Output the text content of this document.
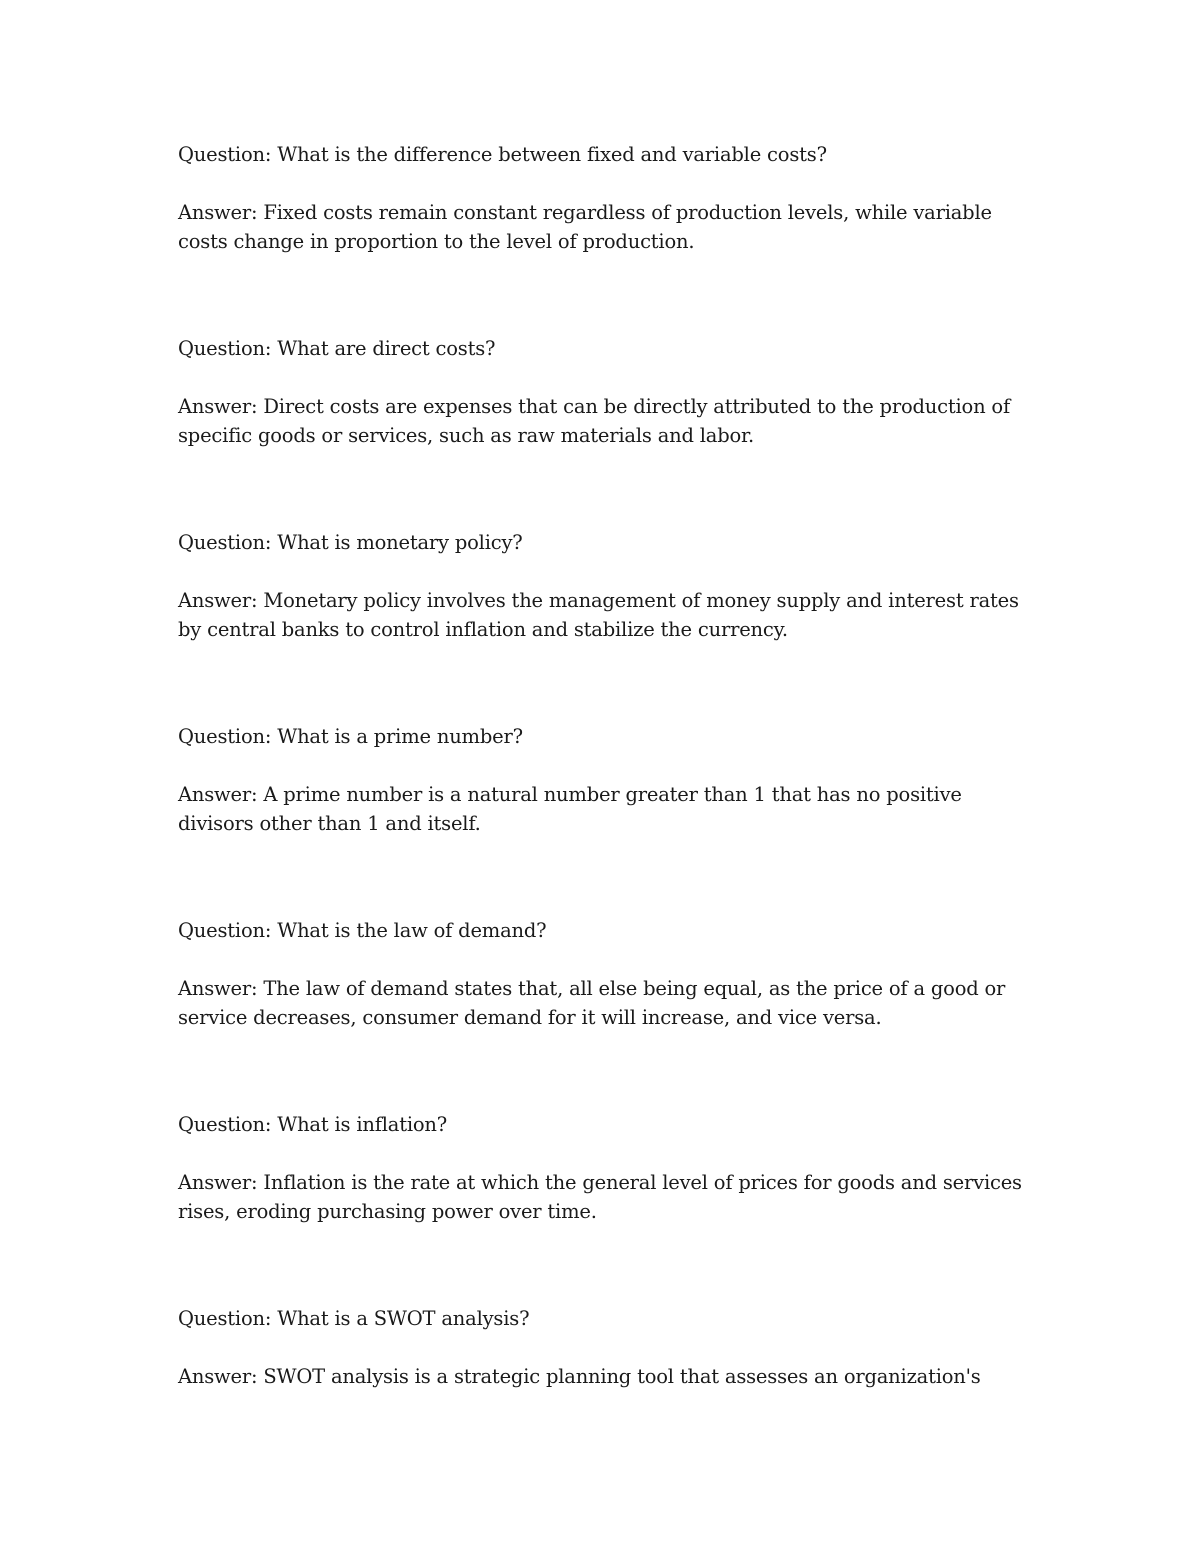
Question: What is the difference between fixed and variable costs?

Answer: Fixed costs remain constant regardless of production levels, while variable costs change in proportion to the level of production.

Question: What are direct costs?

Answer: Direct costs are expenses that can be directly attributed to the production of specific goods or services, such as raw materials and labor.

Question: What is monetary policy?

Answer: Monetary policy involves the management of money supply and interest rates by central banks to control inflation and stabilize the currency.

Question: What is a prime number?

Answer: A prime number is a natural number greater than 1 that has no positive divisors other than 1 and itself.

Question: What is the law of demand?

Answer: The law of demand states that, all else being equal, as the price of a good or service decreases, consumer demand for it will increase, and vice versa.

Question: What is inflation?

Answer: Inflation is the rate at which the general level of prices for goods and services rises, eroding purchasing power over time.

Question: What is a SWOT analysis?

Answer: SWOT analysis is a strategic planning tool that assesses an organization's
